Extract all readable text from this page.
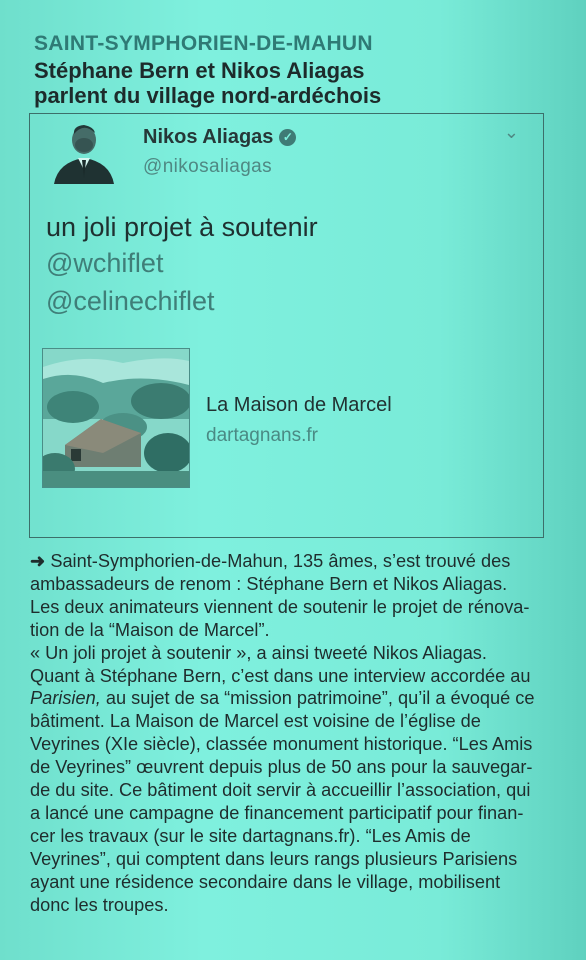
SAINT-SYMPHORIEN-DE-MAHUN
Stéphane Bern et Nikos Aliagas
parlent du village nord-ardéchois
Nikos Aliagas ✓
@nikosaliagas
⌄
un joli projet à soutenir
@wchiflet
@celinechiflet
La Maison de Marcel
dartagnans.fr
➜ Saint-Symphorien-de-Mahun, 135 âmes, s’est trouvé des
ambassadeurs de renom : Stéphane Bern et Nikos Aliagas.
Les deux animateurs viennent de soutenir le projet de rénova-
tion de la “Maison de Marcel”.
« Un joli projet à soutenir », a ainsi tweeté Nikos Aliagas.
Quant à Stéphane Bern, c’est dans une interview accordée au
Parisien, au sujet de sa “mission patrimoine”, qu’il a évoqué ce
bâtiment. La Maison de Marcel est voisine de l’église de
Veyrines (XIe siècle), classée monument historique. “Les Amis
de Veyrines” œuvrent depuis plus de 50 ans pour la sauvegar-
de du site. Ce bâtiment doit servir à accueillir l’association, qui
a lancé une campagne de financement participatif pour finan-
cer les travaux (sur le site dartagnans.fr). “Les Amis de
Veyrines”, qui comptent dans leurs rangs plusieurs Parisiens
ayant une résidence secondaire dans le village, mobilisent
donc les troupes.
